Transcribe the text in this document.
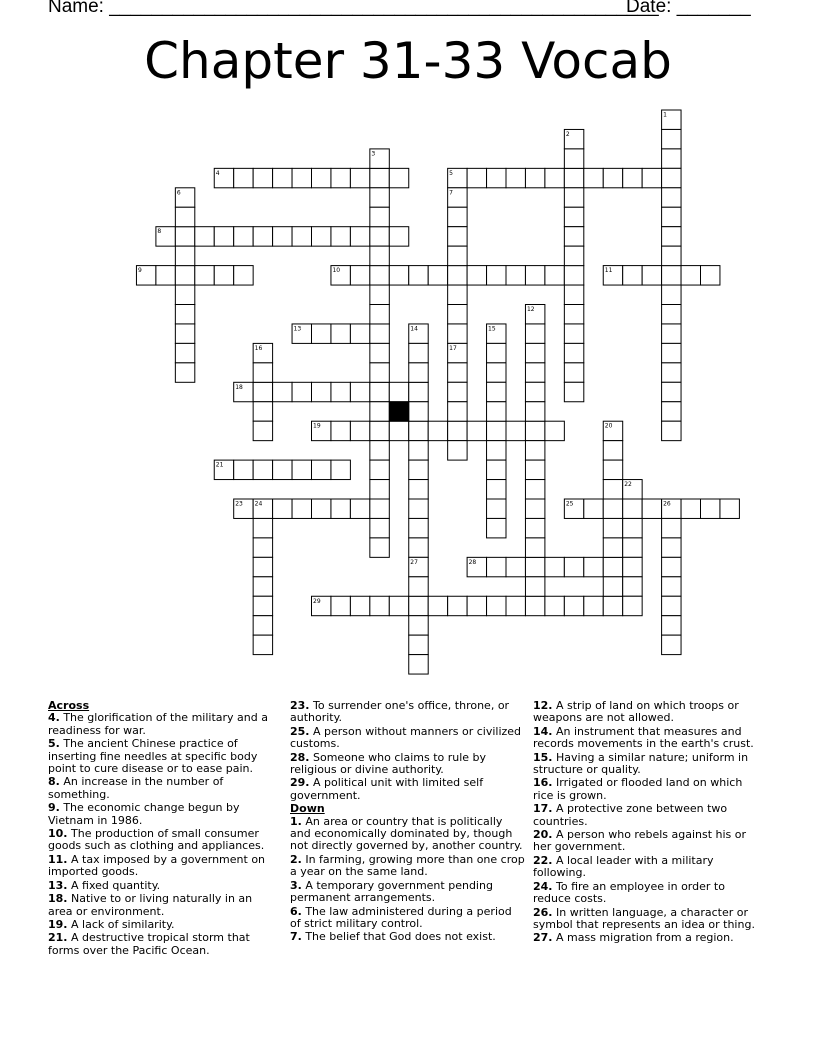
Name: ____________________________________________________
Date: _______
Chapter 31-33 Vocab
4	5
8
9	10	11
13
18
19
21
23	25
28
29
1
2
3
6	7
12
14	15
16	17
20
22
24	26
27
Across
4. The glorification of the military and a readiness for war.
5. The ancient Chinese practice of inserting fine needles at specific body point to cure disease or to ease pain.
8. An increase in the number of something.
9. The economic change begun by Vietnam in 1986.
10. The production of small consumer goods such as clothing and appliances.
11. A tax imposed by a government on imported goods.
13. A fixed quantity.
18. Native to or living naturally in an area or environment.
19. A lack of similarity.
21. A destructive tropical storm that forms over the Pacific Ocean.
23. To surrender one's office, throne, or authority.
25. A person without manners or civilized customs.
28. Someone who claims to rule by religious or divine authority.
29. A political unit with limited self government.
Down
1. An area or country that is politically and economically dominated by, though not directly governed by, another country.
2. In farming, growing more than one crop a year on the same land.
3. A temporary government pending permanent arrangements.
6. The law administered during a period of strict military control.
7. The belief that God does not exist.
12. A strip of land on which troops or weapons are not allowed.
14. An instrument that measures and records movements in the earth's crust.
15. Having a similar nature; uniform in structure or quality.
16. Irrigated or flooded land on which rice is grown.
17. A protective zone between two countries.
20. A person who rebels against his or her government.
22. A local leader with a military following.
24. To fire an employee in order to reduce costs.
26. In written language, a character or symbol that represents an idea or thing.
27. A mass migration from a region.
